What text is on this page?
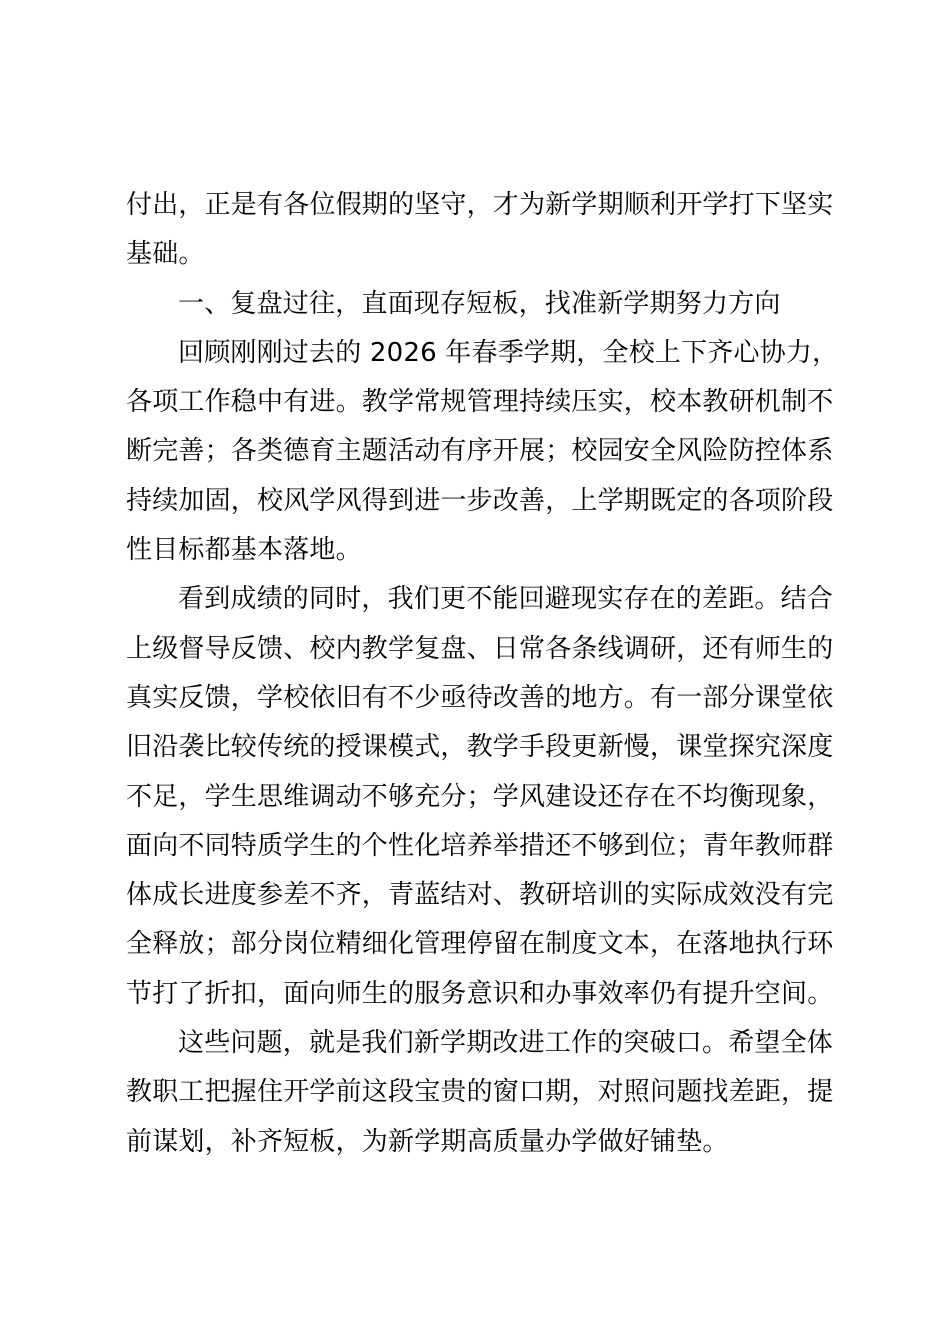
付出，正是有各位假期的坚守，才为新学期顺利开学打下坚实
基础。

一、复盘过往，直面现存短板，找准新学期努力方向

回顾刚刚过去的 2026 年春季学期，全校上下齐心协力，
各项工作稳中有进。教学常规管理持续压实，校本教研机制不
断完善；各类德育主题活动有序开展；校园安全风险防控体系
持续加固，校风学风得到进一步改善，上学期既定的各项阶段
性目标都基本落地。

看到成绩的同时，我们更不能回避现实存在的差距。结合
上级督导反馈、校内教学复盘、日常各条线调研，还有师生的
真实反馈，学校依旧有不少亟待改善的地方。有一部分课堂依
旧沿袭比较传统的授课模式，教学手段更新慢，课堂探究深度
不足，学生思维调动不够充分；学风建设还存在不均衡现象，
面向不同特质学生的个性化培养举措还不够到位；青年教师群
体成长进度参差不齐，青蓝结对、教研培训的实际成效没有完
全释放；部分岗位精细化管理停留在制度文本，在落地执行环
节打了折扣，面向师生的服务意识和办事效率仍有提升空间。

这些问题，就是我们新学期改进工作的突破口。希望全体
教职工把握住开学前这段宝贵的窗口期，对照问题找差距，提
前谋划，补齐短板，为新学期高质量办学做好铺垫。
